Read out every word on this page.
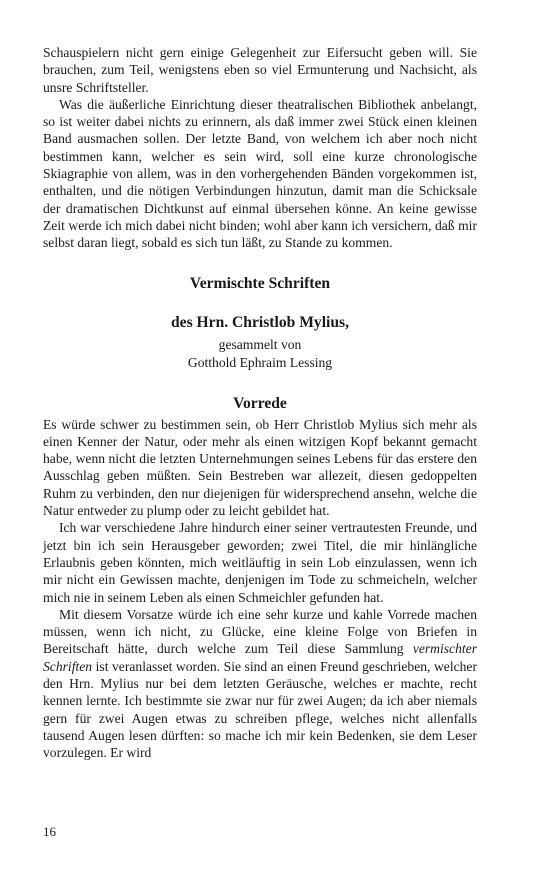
Schauspielern nicht gern einige Gelegenheit zur Eifersucht geben will. Sie brauchen, zum Teil, wenigstens eben so viel Ermunterung und Nachsicht, als unsre Schriftsteller.

Was die äußerliche Einrichtung dieser theatralischen Bibliothek anbelangt, so ist weiter dabei nichts zu erinnern, als daß immer zwei Stück einen kleinen Band ausmachen sollen. Der letzte Band, von welchem ich aber noch nicht bestimmen kann, welcher es sein wird, soll eine kurze chronologische Skiagraphie von allem, was in den vorhergehenden Bänden vorgekommen ist, enthalten, und die nötigen Verbindungen hinzutun, damit man die Schicksale der dramatischen Dichtkunst auf einmal übersehen könne. An keine gewisse Zeit werde ich mich dabei nicht binden; wohl aber kann ich versichern, daß mir selbst daran liegt, sobald es sich tun läßt, zu Stande zu kommen.

Vermischte Schriften
des Hrn. Christlob Mylius,
gesammelt von
Gotthold Ephraim Lessing
Vorrede

Es würde schwer zu bestimmen sein, ob Herr Christlob Mylius sich mehr als einen Kenner der Natur, oder mehr als einen witzigen Kopf bekannt gemacht habe, wenn nicht die letzten Unternehmungen seines Lebens für das erstere den Ausschlag geben müßten. Sein Bestreben war allezeit, diesen gedoppelten Ruhm zu verbinden, den nur diejenigen für widersprechend ansehn, welche die Natur entweder zu plump oder zu leicht gebildet hat.

Ich war verschiedene Jahre hindurch einer seiner vertrautesten Freunde, und jetzt bin ich sein Herausgeber geworden; zwei Titel, die mir hinlängliche Erlaubnis geben könnten, mich weitläuftig in sein Lob einzulassen, wenn ich mir nicht ein Gewissen machte, denjenigen im Tode zu schmeicheln, welcher mich nie in seinem Leben als einen Schmeichler gefunden hat.

Mit diesem Vorsatze würde ich eine sehr kurze und kahle Vorrede machen müssen, wenn ich nicht, zu Glücke, eine kleine Folge von Briefen in Bereitschaft hätte, durch welche zum Teil diese Sammlung vermischter Schriften ist veranlasset worden. Sie sind an einen Freund geschrieben, welcher den Hrn. Mylius nur bei dem letzten Geräusche, welches er machte, recht kennen lernte. Ich bestimmte sie zwar nur für zwei Augen; da ich aber niemals gern für zwei Augen etwas zu schreiben pflege, welches nicht allenfalls tausend Augen lesen dürften: so mache ich mir kein Bedenken, sie dem Leser vorzulegen. Er wird

16
